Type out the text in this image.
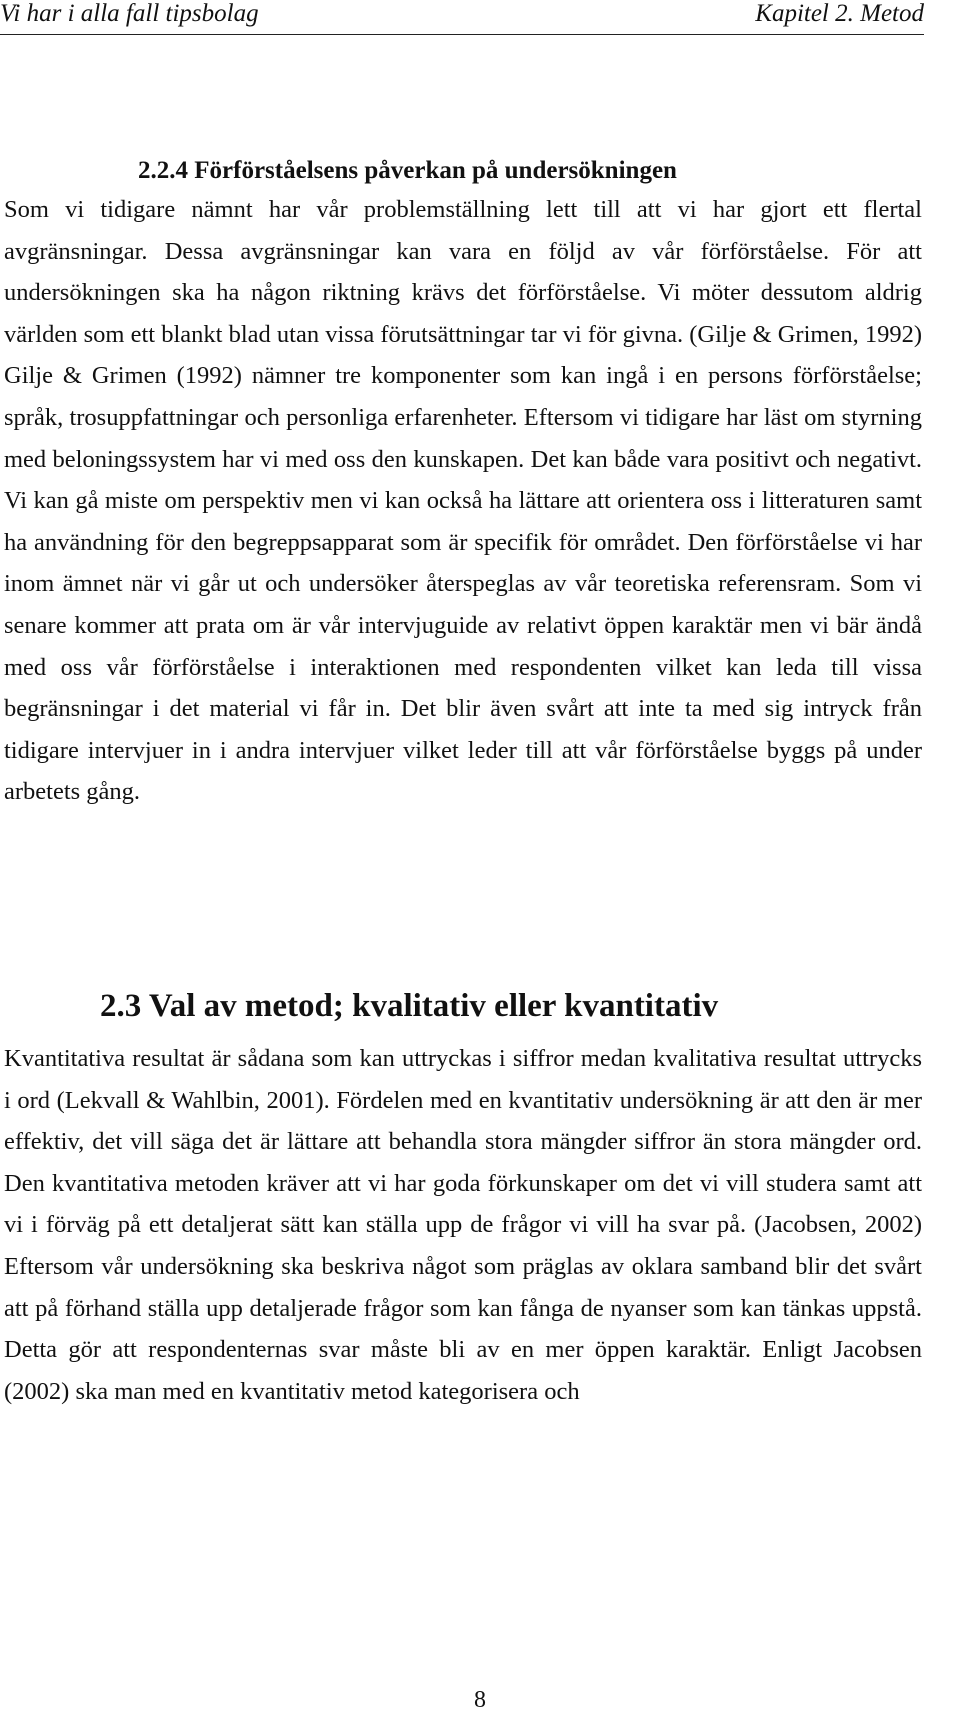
Vi har i alla fall tipsbolag	Kapitel 2. Metod
2.2.4 Förförståelsens påverkan på undersökningen

Som vi tidigare nämnt har vår problemställning lett till att vi har gjort ett flertal avgränsningar. Dessa avgränsningar kan vara en följd av vår förförståelse. För att undersökningen ska ha någon riktning krävs det förförståelse. Vi möter dessutom aldrig världen som ett blankt blad utan vissa förutsättningar tar vi för givna. (Gilje & Grimen, 1992) Gilje & Grimen (1992) nämner tre komponenter som kan ingå i en persons förförståelse; språk, trosuppfattningar och personliga erfarenheter. Eftersom vi tidigare har läst om styrning med beloningssystem har vi med oss den kunskapen. Det kan både vara positivt och negativt. Vi kan gå miste om perspektiv men vi kan också ha lättare att orientera oss i litteraturen samt ha användning för den begreppsapparat som är specifik för området. Den förförståelse vi har inom ämnet när vi går ut och undersöker återspeglas av vår teoretiska referensram. Som vi senare kommer att prata om är vår intervjuguide av relativt öppen karaktär men vi bär ändå med oss vår förförståelse i interaktionen med respondenten vilket kan leda till vissa begränsningar i det material vi får in. Det blir även svårt att inte ta med sig intryck från tidigare intervjuer in i andra intervjuer vilket leder till att vår förförståelse byggs på under arbetets gång.

2.3 Val av metod; kvalitativ eller kvantitativ

Kvantitativa resultat är sådana som kan uttryckas i siffror medan kvalitativa resultat uttrycks i ord (Lekvall & Wahlbin, 2001). Fördelen med en kvantitativ undersökning är att den är mer effektiv, det vill säga det är lättare att behandla stora mängder siffror än stora mängder ord. Den kvantitativa metoden kräver att vi har goda förkunskaper om det vi vill studera samt att vi i förväg på ett detaljerat sätt kan ställa upp de frågor vi vill ha svar på. (Jacobsen, 2002) Eftersom vår undersökning ska beskriva något som präglas av oklara samband blir det svårt att på förhand ställa upp detaljerade frågor som kan fånga de nyanser som kan tänkas uppstå. Detta gör att respondenternas svar måste bli av en mer öppen karaktär. Enligt Jacobsen (2002) ska man med en kvantitativ metod kategorisera och

8
